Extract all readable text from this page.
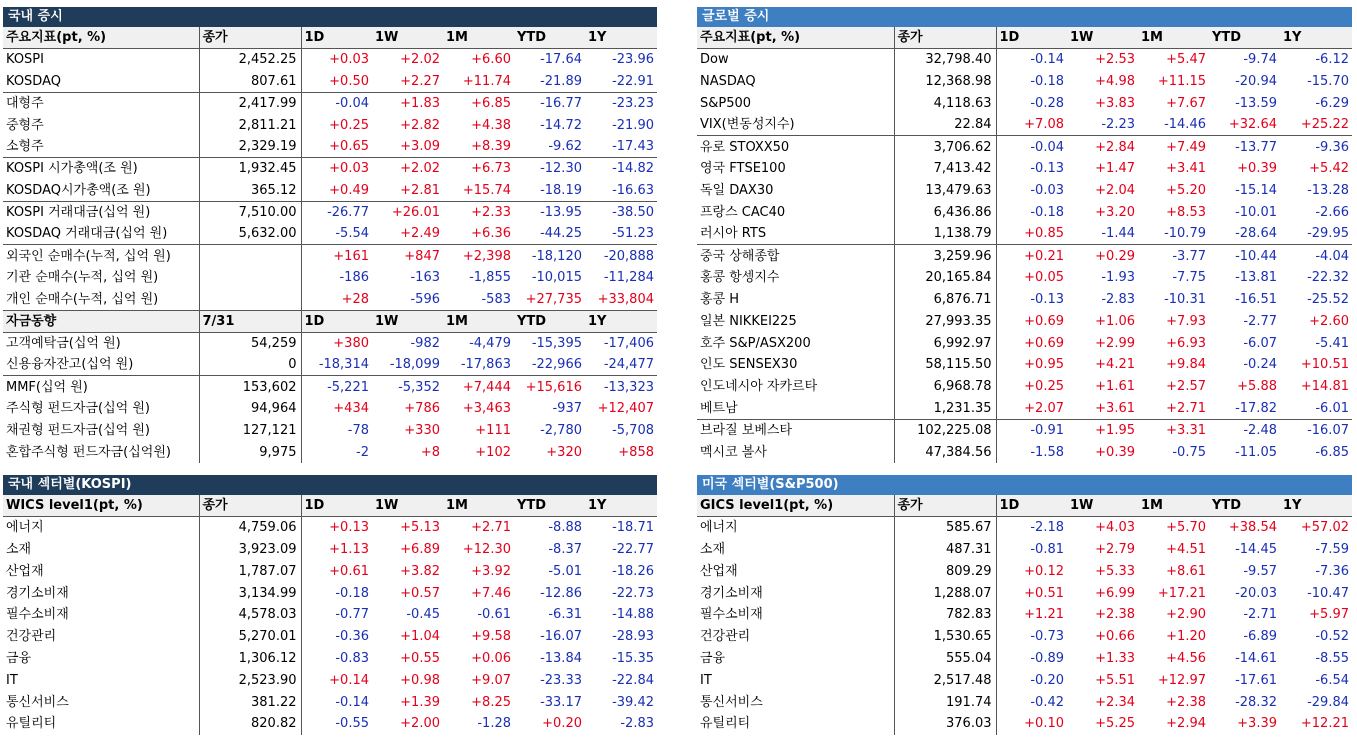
국내 증시
주요지표(pt, %)	종가	1D	1W	1M	YTD	1Y
KOSPI	2,452.25	+0.03	+2.02	+6.60	-17.64	-23.96
KOSDAQ	807.61	+0.50	+2.27	+11.74	-21.89	-22.91
대형주	2,417.99	-0.04	+1.83	+6.85	-16.77	-23.23
중형주	2,811.21	+0.25	+2.82	+4.38	-14.72	-21.90
소형주	2,329.19	+0.65	+3.09	+8.39	-9.62	-17.43
KOSPI 시가총액(조 원)	1,932.45	+0.03	+2.02	+6.73	-12.30	-14.82
KOSDAQ시가총액(조 원)	365.12	+0.49	+2.81	+15.74	-18.19	-16.63
KOSPI 거래대금(십억 원)	7,510.00	-26.77	+26.01	+2.33	-13.95	-38.50
KOSDAQ 거래대금(십억 원)	5,632.00	-5.54	+2.49	+6.36	-44.25	-51.23
외국인 순매수(누적, 십억 원)		+161	+847	+2,398	-18,120	-20,888
기관 순매수(누적, 십억 원)		-186	-163	-1,855	-10,015	-11,284
개인 순매수(누적, 십억 원)		+28	-596	-583	+27,735	+33,804
자금동향	7/31	1D	1W	1M	YTD	1Y
고객예탁금(십억 원)	54,259	+380	-982	-4,479	-15,395	-17,406
신용융자잔고(십억 원)	0	-18,314	-18,099	-17,863	-22,966	-24,477
MMF(십억 원)	153,602	-5,221	-5,352	+7,444	+15,616	-13,323
주식형 펀드자금(십억 원)	94,964	+434	+786	+3,463	-937	+12,407
채권형 펀드자금(십억 원)	127,121	-78	+330	+111	-2,780	-5,708
혼합주식형 펀드자금(십억원)	9,975	-2	+8	+102	+320	+858
글로벌 증시
주요지표(pt, %)	종가	1D	1W	1M	YTD	1Y
Dow	32,798.40	-0.14	+2.53	+5.47	-9.74	-6.12
NASDAQ	12,368.98	-0.18	+4.98	+11.15	-20.94	-15.70
S&P500	4,118.63	-0.28	+3.83	+7.67	-13.59	-6.29
VIX(변동성지수)	22.84	+7.08	-2.23	-14.46	+32.64	+25.22
유로 STOXX50	3,706.62	-0.04	+2.84	+7.49	-13.77	-9.36
영국 FTSE100	7,413.42	-0.13	+1.47	+3.41	+0.39	+5.42
독일 DAX30	13,479.63	-0.03	+2.04	+5.20	-15.14	-13.28
프랑스 CAC40	6,436.86	-0.18	+3.20	+8.53	-10.01	-2.66
러시아 RTS	1,138.79	+0.85	-1.44	-10.79	-28.64	-29.95
중국 상해종합	3,259.96	+0.21	+0.29	-3.77	-10.44	-4.04
홍콩 항셍지수	20,165.84	+0.05	-1.93	-7.75	-13.81	-22.32
홍콩 H	6,876.71	-0.13	-2.83	-10.31	-16.51	-25.52
일본 NIKKEI225	27,993.35	+0.69	+1.06	+7.93	-2.77	+2.60
호주 S&P/ASX200	6,992.97	+0.69	+2.99	+6.93	-6.07	-5.41
인도 SENSEX30	58,115.50	+0.95	+4.21	+9.84	-0.24	+10.51
인도네시아 자카르타	6,968.78	+0.25	+1.61	+2.57	+5.88	+14.81
베트남	1,231.35	+2.07	+3.61	+2.71	-17.82	-6.01
브라질 보베스타	102,225.08	-0.91	+1.95	+3.31	-2.48	-16.07
멕시코 볼사	47,384.56	-1.58	+0.39	-0.75	-11.05	-6.85
국내 섹터별(KOSPI)
WICS level1(pt, %)	종가	1D	1W	1M	YTD	1Y
에너지	4,759.06	+0.13	+5.13	+2.71	-8.88	-18.71
소재	3,923.09	+1.13	+6.89	+12.30	-8.37	-22.77
산업재	1,787.07	+0.61	+3.82	+3.92	-5.01	-18.26
경기소비재	3,134.99	-0.18	+0.57	+7.46	-12.86	-22.73
필수소비재	4,578.03	-0.77	-0.45	-0.61	-6.31	-14.88
건강관리	5,270.01	-0.36	+1.04	+9.58	-16.07	-28.93
금융	1,306.12	-0.83	+0.55	+0.06	-13.84	-15.35
IT	2,523.90	+0.14	+0.98	+9.07	-23.33	-22.84
통신서비스	381.22	-0.14	+1.39	+8.25	-33.17	-39.42
유틸리티	820.82	-0.55	+2.00	-1.28	+0.20	-2.83
미국 섹터별(S&P500)
GICS level1(pt, %)	종가	1D	1W	1M	YTD	1Y
에너지	585.67	-2.18	+4.03	+5.70	+38.54	+57.02
소재	487.31	-0.81	+2.79	+4.51	-14.45	-7.59
산업재	809.29	+0.12	+5.33	+8.61	-9.57	-7.36
경기소비재	1,288.07	+0.51	+6.99	+17.21	-20.03	-10.47
필수소비재	782.83	+1.21	+2.38	+2.90	-2.71	+5.97
건강관리	1,530.65	-0.73	+0.66	+1.20	-6.89	-0.52
금융	555.04	-0.89	+1.33	+4.56	-14.61	-8.55
IT	2,517.48	-0.20	+5.51	+12.97	-17.61	-6.54
통신서비스	191.74	-0.42	+2.34	+2.38	-28.32	-29.84
유틸리티	376.03	+0.10	+5.25	+2.94	+3.39	+12.21
